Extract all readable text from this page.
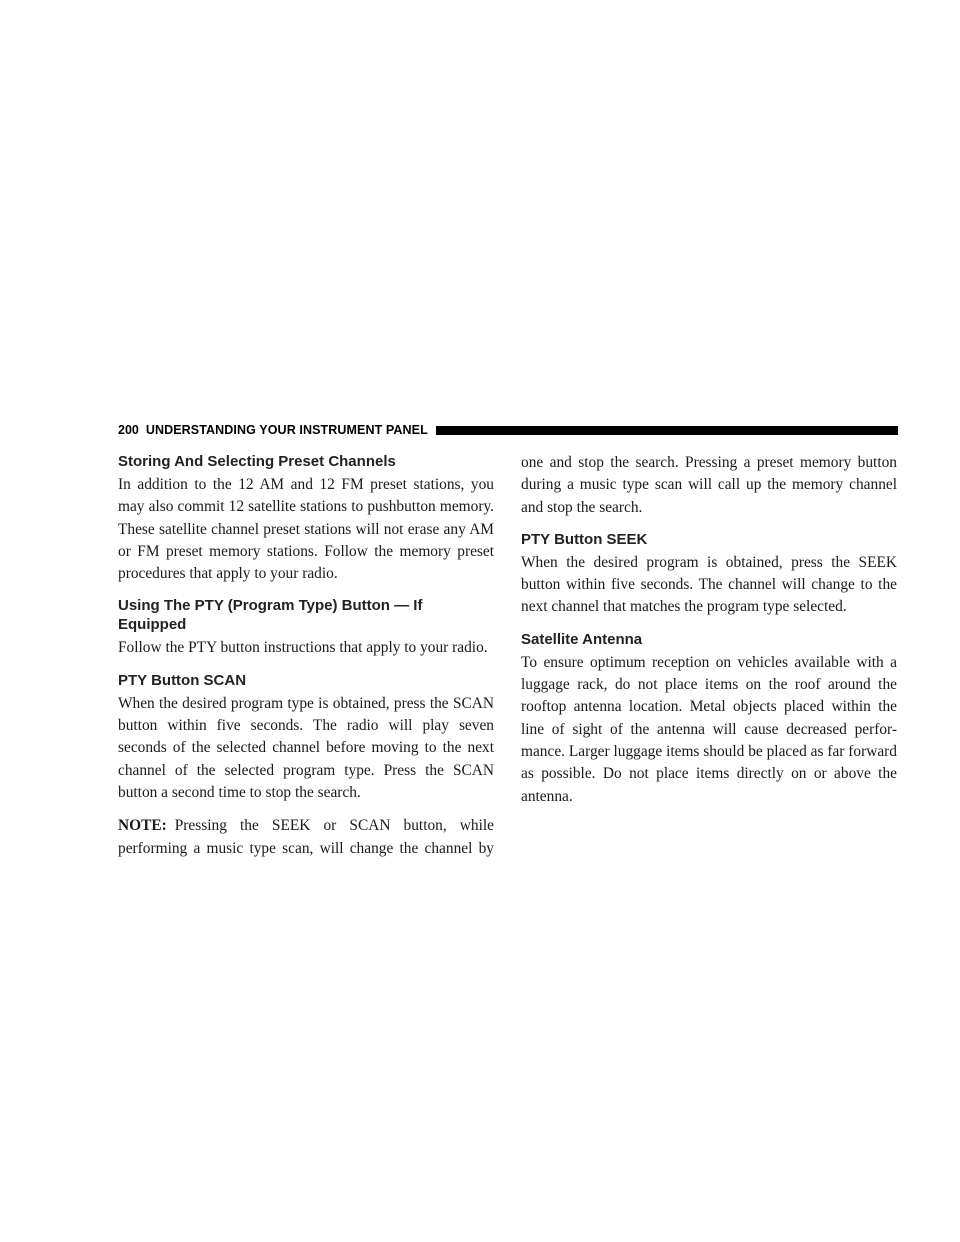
200 UNDERSTANDING YOUR INSTRUMENT PANEL
Storing And Selecting Preset Channels

In addition to the 12 AM and 12 FM preset stations, you may also commit 12 satellite stations to pushbutton memory. These satellite channel preset stations will not erase any AM or FM preset memory stations. Follow the memory preset procedures that apply to your radio.

Using The PTY (Program Type) Button — If Equipped

Follow the PTY button instructions that apply to your radio.

PTY Button SCAN

When the desired program type is obtained, press the SCAN button within five seconds. The radio will play seven seconds of the selected channel before moving to the next channel of the selected program type. Press the SCAN button a second time to stop the search.

NOTE: Pressing the SEEK or SCAN button, while performing a music type scan, will change the channel by

one and stop the search. Pressing a preset memory button during a music type scan will call up the memory channel and stop the search.

PTY Button SEEK

When the desired program is obtained, press the SEEK button within five seconds. The channel will change to the next channel that matches the program type selected.

Satellite Antenna

To ensure optimum reception on vehicles available with a luggage rack, do not place items on the roof around the rooftop antenna location. Metal objects placed within the line of sight of the antenna will cause decreased perfor-mance. Larger luggage items should be placed as far forward as possible. Do not place items directly on or above the antenna.
